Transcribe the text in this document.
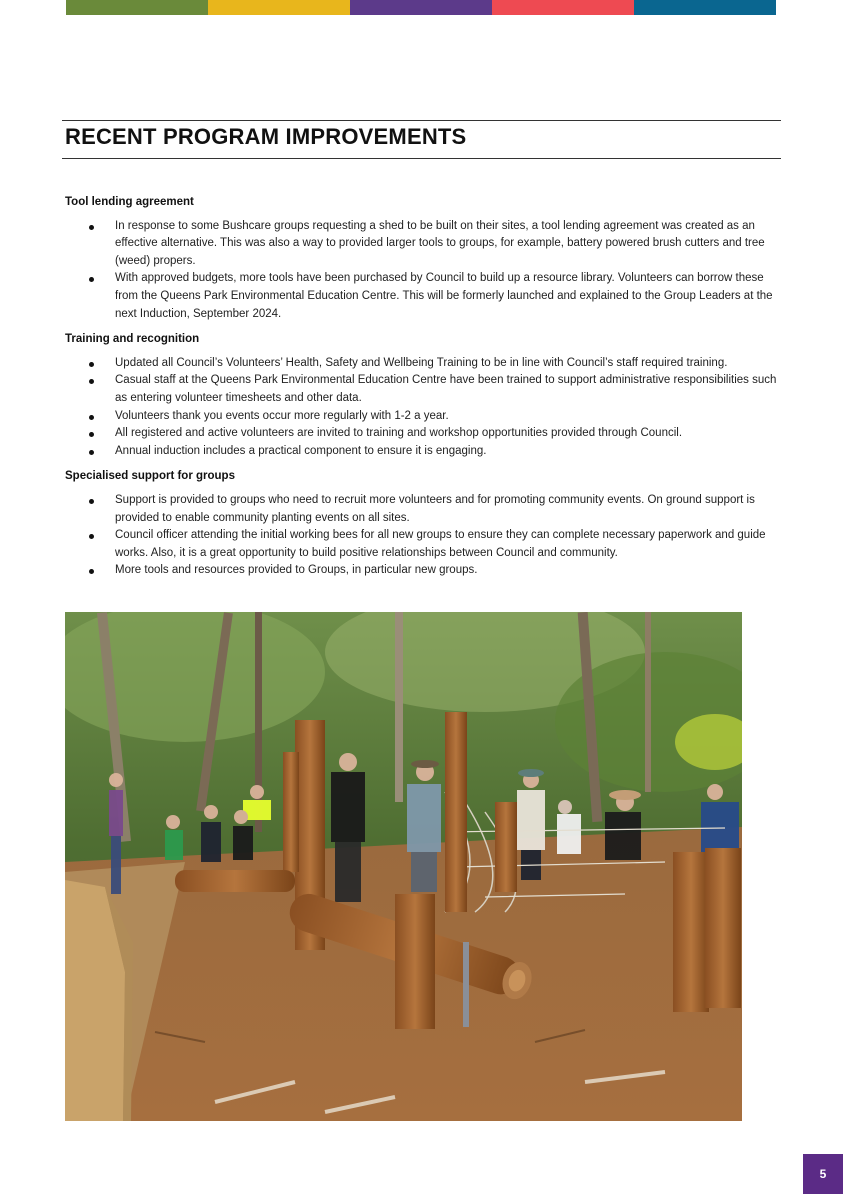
RECENT PROGRAM IMPROVEMENTS

Tool lending agreement

In response to some Bushcare groups requesting a shed to be built on their sites, a tool lending agreement was created as an effective alternative. This was also a way to provided larger tools to groups, for example, battery powered brush cutters and tree (weed) propers.
With approved budgets, more tools have been purchased by Council to build up a resource library. Volunteers can borrow these from the Queens Park Environmental Education Centre. This will be formerly launched and explained to the Group Leaders at the next Induction, September 2024.

Training and recognition

Updated all Council’s Volunteers’ Health, Safety and Wellbeing Training to be in line with Council’s staff required training.
Casual staff at the Queens Park Environmental Education Centre have been trained to support administrative responsibilities such as entering volunteer timesheets and other data.
Volunteers thank you events occur more regularly with 1-2 a year.
All registered and active volunteers are invited to training and workshop opportunities provided through Council.
Annual induction includes a practical component to ensure it is engaging.

Specialised support for groups

Support is provided to groups who need to recruit more volunteers and for promoting community events. On ground support is provided to enable community planting events on all sites.
Council officer attending the initial working bees for all new groups to ensure they can complete necessary paperwork and guide works. Also, it is a great opportunity to build positive relationships between Council and community.
More tools and resources provided to Groups, in particular new groups.
5
